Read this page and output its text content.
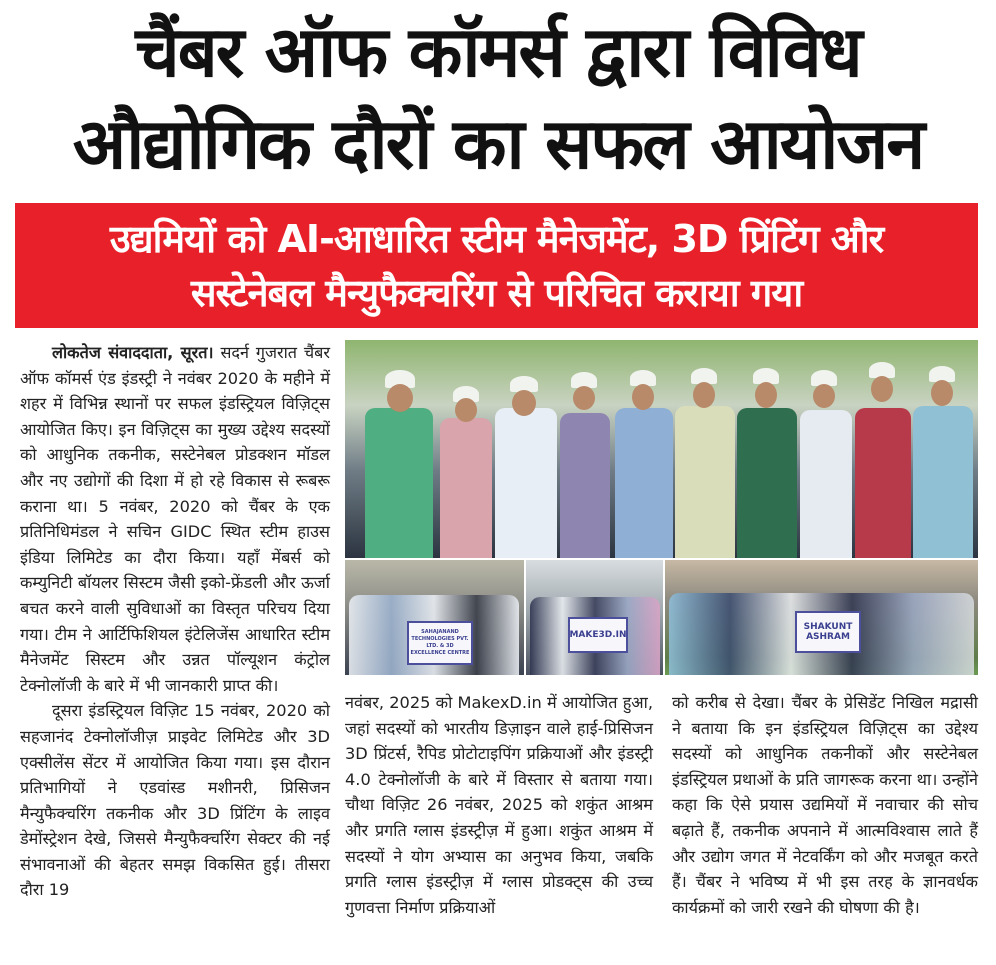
चैंबर ऑफ कॉमर्स द्वारा विविध
औद्योगिक दौरों का सफल आयोजन
उद्यमियों को AI-आधारित स्टीम मैनेजमेंट, 3D प्रिंटिंग और
सस्टेनेबल मैन्युफैक्चरिंग से परिचित कराया गया

लोकतेज संवाददाता, सूरत। सदर्न गुजरात चैंबर ऑफ कॉमर्स एंड इंडस्ट्री ने नवंबर 2020 के महीने में शहर में विभिन्न स्थानों पर सफल इंडस्ट्रियल विज़िट्स आयोजित किए। इन विज़िट्स का मुख्य उद्देश्य सदस्यों को आधुनिक तकनीक, सस्टेनेबल प्रोडक्शन मॉडल और नए उद्योगों की दिशा में हो रहे विकास से रूबरू कराना था। 5 नवंबर, 2020 को चैंबर के एक प्रतिनिधिमंडल ने सचिन GIDC स्थित स्टीम हाउस इंडिया लिमिटेड का दौरा किया। यहाँ मेंबर्स को कम्युनिटी बॉयलर सिस्टम जैसी इको-फ्रेंडली और ऊर्जा बचत करने वाली सुविधाओं का विस्तृत परिचय दिया गया। टीम ने आर्टिफिशियल इंटेलिजेंस आधारित स्टीम मैनेजमेंट सिस्टम और उन्नत पॉल्यूशन कंट्रोल टेक्नोलॉजी के बारे में भी जानकारी प्राप्त की।

दूसरा इंडस्ट्रियल विज़िट 15 नवंबर, 2020 को सहजानंद टेक्नोलॉजीज़ प्राइवेट लिमिटेड और 3D एक्सीलेंस सेंटर में आयोजित किया गया। इस दौरान प्रतिभागियों ने एडवांस्ड मशीनरी, प्रिसिजन मैन्युफैक्चरिंग तकनीक और 3D प्रिंटिंग के लाइव डेमोंस्ट्रेशन देखे, जिससे मैन्युफैक्चरिंग सेक्टर की नई संभावनाओं की बेहतर समझ विकसित हुई। तीसरा दौरा 19

SAHAJANAND TECHNOLOGIES PVT. LTD. & 3D EXCELLENCE CENTRE
MAKE3D.IN
SHAKUNT ASHRAM

नवंबर, 2025 को MakexD.in में आयोजित हुआ, जहां सदस्यों को भारतीय डिज़ाइन वाले हाई-प्रिसिजन 3D प्रिंटर्स, रैपिड प्रोटोटाइपिंग प्रक्रियाओं और इंडस्ट्री 4.0 टेक्नोलॉजी के बारे में विस्तार से बताया गया। चौथा विज़िट 26 नवंबर, 2025 को शकुंत आश्रम और प्रगति ग्लास इंडस्ट्रीज़ में हुआ। शकुंत आश्रम में सदस्यों ने योग अभ्यास का अनुभव किया, जबकि प्रगति ग्लास इंडस्ट्रीज़ में ग्लास प्रोडक्ट्स की उच्च गुणवत्ता निर्माण प्रक्रियाओं

को करीब से देखा। चैंबर के प्रेसिडेंट निखिल मद्रासी ने बताया कि इन इंडस्ट्रियल विज़िट्स का उद्देश्य सदस्यों को आधुनिक तकनीकों और सस्टेनेबल इंडस्ट्रियल प्रथाओं के प्रति जागरूक करना था। उन्होंने कहा कि ऐसे प्रयास उद्यमियों में नवाचार की सोच बढ़ाते हैं, तकनीक अपनाने में आत्मविश्वास लाते हैं और उद्योग जगत में नेटवर्किंग को और मजबूत करते हैं। चैंबर ने भविष्य में भी इस तरह के ज्ञानवर्धक कार्यक्रमों को जारी रखने की घोषणा की है।
